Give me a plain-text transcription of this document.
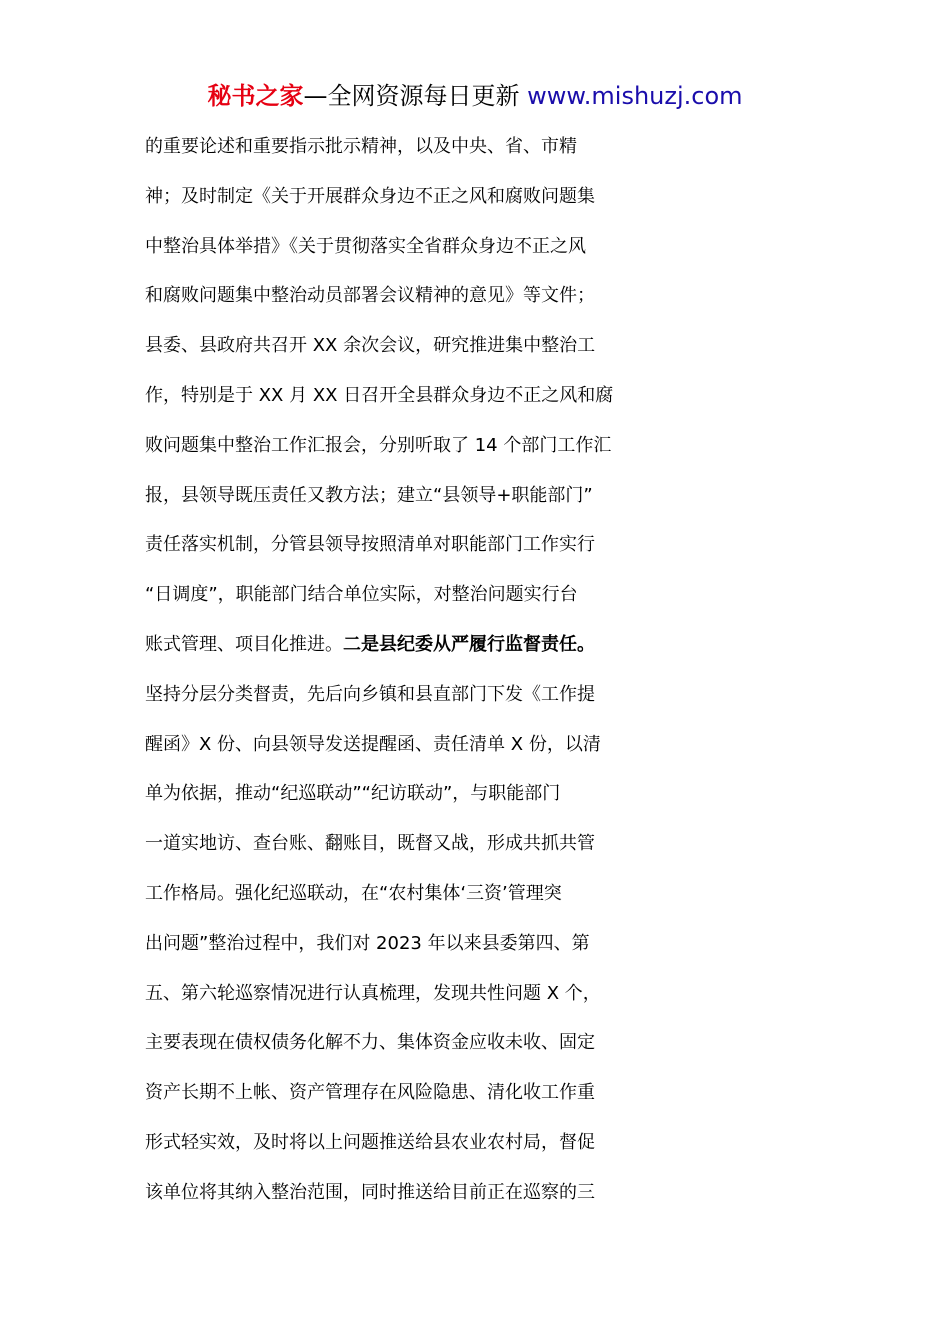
秘书之家—全网资源每日更新 www.mishuzj.com
的重要论述和重要指示批示精神，以及中央、省、市精
神；及时制定《关于开展群众身边不正之风和腐败问题集
中整治具体举措》《关于贯彻落实全省群众身边不正之风
和腐败问题集中整治动员部署会议精神的意见》等文件；
县委、县政府共召开 XX 余次会议，研究推进集中整治工
作，特别是于 XX 月 XX 日召开全县群众身边不正之风和腐
败问题集中整治工作汇报会，分别听取了 14 个部门工作汇
报，县领导既压责任又教方法；建立“县领导+职能部门”
责任落实机制，分管县领导按照清单对职能部门工作实行
“日调度”，职能部门结合单位实际，对整治问题实行台
账式管理、项目化推进。二是县纪委从严履行监督责任。
坚持分层分类督责，先后向乡镇和县直部门下发《工作提
醒函》X 份、向县领导发送提醒函、责任清单 X 份，以清
单为依据，推动“纪巡联动”“纪访联动”，与职能部门
一道实地访、查台账、翻账目，既督又战，形成共抓共管
工作格局。强化纪巡联动，在“农村集体‘三资’管理突
出问题”整治过程中，我们对 2023 年以来县委第四、第
五、第六轮巡察情况进行认真梳理，发现共性问题 X 个，
主要表现在债权债务化解不力、集体资金应收未收、固定
资产长期不上帐、资产管理存在风险隐患、清化收工作重
形式轻实效，及时将以上问题推送给县农业农村局，督促
该单位将其纳入整治范围，同时推送给目前正在巡察的三
